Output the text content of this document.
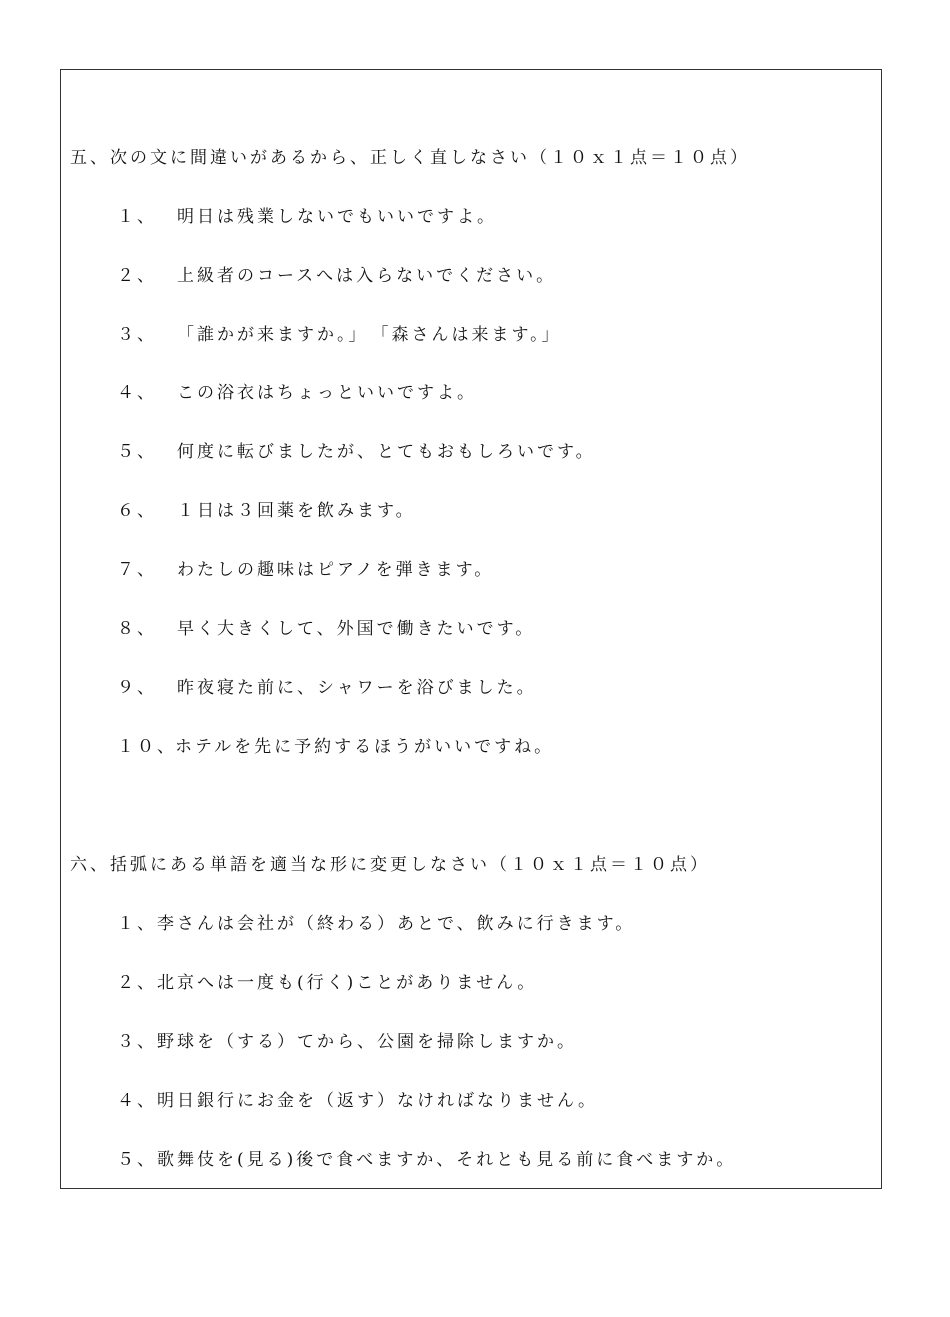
五、次の文に間違いがあるから、正しく直しなさい（１０ｘ１点＝１０点）
１、 明日は残業しないでもいいですよ。
２、 上級者のコースへは入らないでください。
３、 「誰かが来ますか。」　「森さんは来ます。」
４、 この浴衣はちょっといいですよ。
５、 何度に転びましたが、とてもおもしろいです。
６、 １日は３回薬を飲みます。
７、 わたしの趣味はピアノを弾きます。
８、 早く大きくして、外国で働きたいです。
９、 昨夜寝た前に、シャワーを浴びました。
１０、ホテルを先に予約するほうがいいですね。
六、括弧にある単語を適当な形に変更しなさい（１０ｘ１点＝１０点）
１、李さんは会社が（終わる）あとで、飲みに行きます。
２、北京へは一度も(行く)ことがありません。
３、野球を（する）てから、公園を掃除しますか。
４、明日銀行にお金を（返す）なければなりません。
５、歌舞伎を(見る)後で食べますか、それとも見る前に食べますか。
